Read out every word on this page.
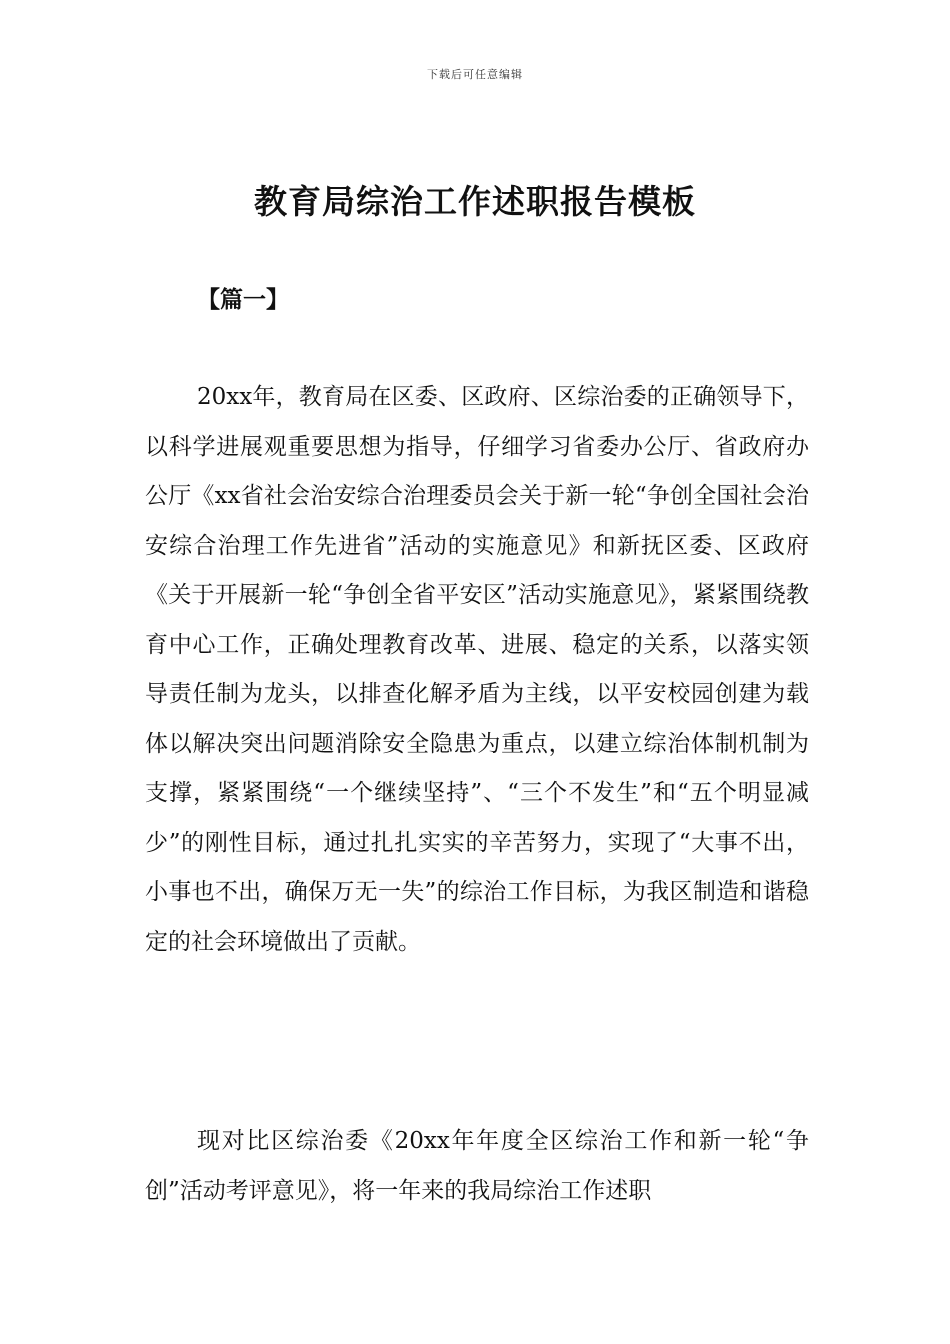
下载后可任意编辑
教育局综治工作述职报告模板
【篇一】

20xx年，教育局在区委、区政府、区综治委的正确领导下，以科学进展观重要思想为指导，仔细学习省委办公厅、省政府办公厅《xx省社会治安综合治理委员会关于新一轮“争创全国社会治安综合治理工作先进省”活动的实施意见》和新抚区委、区政府《关于开展新一轮“争创全省平安区”活动实施意见》，紧紧围绕教育中心工作，正确处理教育改革、进展、稳定的关系，以落实领导责任制为龙头，以排查化解矛盾为主线，以平安校园创建为载体以解决突出问题消除安全隐患为重点，以建立综治体制机制为支撑，紧紧围绕“一个继续坚持”、“三个不发生”和“五个明显减少”的刚性目标，通过扎扎实实的辛苦努力，实现了“大事不出，小事也不出，确保万无一失”的综治工作目标，为我区制造和谐稳定的社会环境做出了贡献。

现对比区综治委《20xx年年度全区综治工作和新一轮“争创”活动考评意见》，将一年来的我局综治工作述职
